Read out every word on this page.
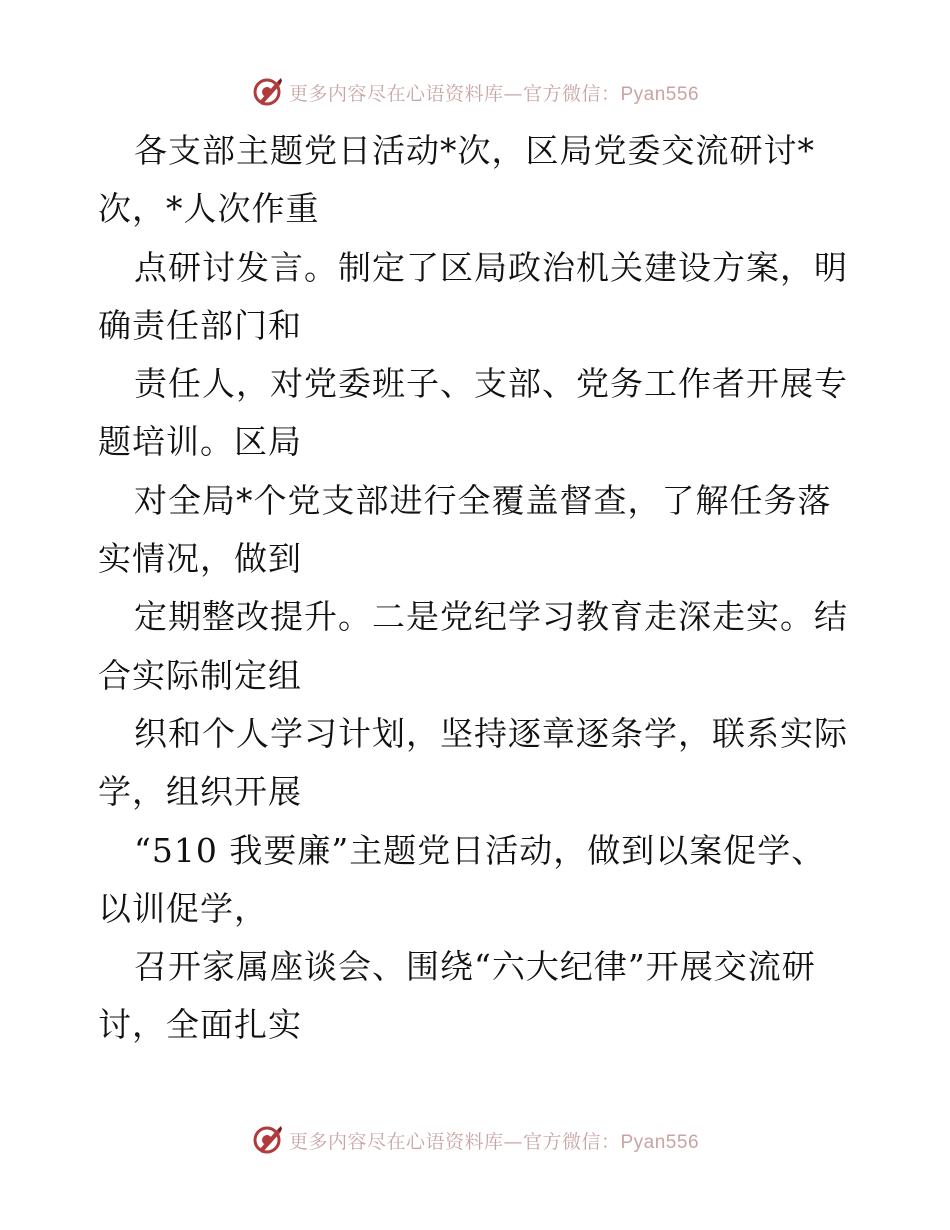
更多内容尽在心语资料库—官方微信：Pyan556
各支部主题党日活动*次，区局党委交流研讨*
次，*人次作重
点研讨发言。制定了区局政治机关建设方案，明
确责任部门和
责任人，对党委班子、支部、党务工作者开展专
题培训。区局
对全局*个党支部进行全覆盖督查，了解任务落
实情况，做到
定期整改提升。二是党纪学习教育走深走实。结
合实际制定组
织和个人学习计划，坚持逐章逐条学，联系实际
学，组织开展
“510 我要廉”主题党日活动，做到以案促学、
以训促学，
召开家属座谈会、围绕“六大纪律”开展交流研
讨，全面扎实
更多内容尽在心语资料库—官方微信：Pyan556
